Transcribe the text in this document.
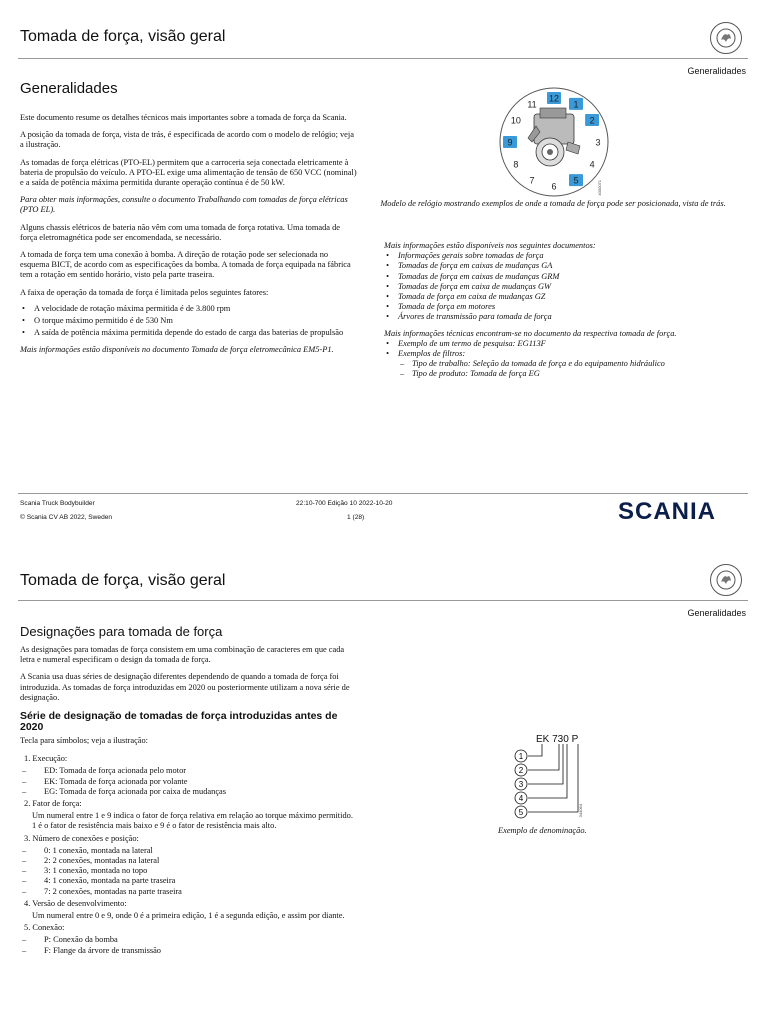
Tomada de força, visão geral
Generalidades
Generalidades

Este documento resume os detalhes técnicos mais importantes sobre a tomada de força da Scania.

A posição da tomada de força, vista de trás, é especificada de acordo com o modelo de relógio; veja a ilustração.

As tomadas de força elétricas (PTO-EL) permitem que a carroceria seja conectada eletricamente à bateria de propulsão do veículo. A PTO-EL exige uma alimentação de tensão de 650 VCC (nominal) e a saída de potência máxima permitida durante operação contínua é de 50 kW.

Para obter mais informações, consulte o documento Trabalhando com tomadas de força elétricas (PTO EL).

Alguns chassis elétricos de bateria não vêm com uma tomada de força rotativa. Uma tomada de força eletromagnética pode ser encomendada, se necessário.

A tomada de força tem uma conexão à bomba. A direção de rotação pode ser selecionada no esquema BICT, de acordo com as especificações da bomba. A tomada de força equipada na fábrica tem a rotação em sentido horário, visto pela parte traseira.

A faixa de operação da tomada de força é limitada pelos seguintes fatores:

• A velocidade de rotação máxima permitida é de 3.800 rpm
• O torque máximo permitido é de 530 Nm
• A saída de potência máxima permitida depende do estado de carga das baterias de propulsão

Mais informações estão disponíveis no documento Tomada de força eletromecânica EM5-P1.

12
1
2
3
4
5
6
7
8
9
10
11
4000071

Modelo de relógio mostrando exemplos de onde a tomada de força pode ser posicionada, vista de trás.

Mais informações estão disponíveis nos seguintes documentos:

• Informações gerais sobre tomadas de força
• Tomadas de força em caixas de mudanças GA
• Tomadas de força em caixas de mudanças GRM
• Tomadas de força em caixa de mudanças GW
• Tomada de força em caixa de mudanças GZ
• Tomada de força em motores
• Árvores de transmissão para tomada de força

Mais informações técnicas encontram-se no documento da respectiva tomada de força.

• Exemplo de um termo de pesquisa: EG113F
• Exemplos de filtros:
– Tipo de trabalho: Seleção da tomada de força e do equipamento hidráulico
– Tipo de produto: Tomada de força EG
Scania Truck Bodybuilder
© Scania CV AB 2022, Sweden
22:10-700 Edição 10 2022-10-20
1 (28)	SCANIA
Tomada de força, visão geral
Generalidades
Designações para tomada de força

As designações para tomadas de força consistem em uma combinação de caracteres em que cada letra e numeral especificam o design da tomada de força.

A Scania usa duas séries de designação diferentes dependendo de quando a tomada de força foi introduzida. As tomadas de força introduzidas em 2020 ou posteriormente utilizam a nova série de designação.

Série de designação de tomadas de força introduzidas antes de 2020

Tecla para símbolos; veja a ilustração:

1. Execução:

– ED: Tomada de força acionada pelo motor
– EK: Tomada de força acionada por volante
– EG: Tomada de força acionada por caixa de mudanças

2. Fator de força:

Um numeral entre 1 e 9 indica o fator de força relativa em relação ao torque máximo permitido. 1 é o fator de resistência mais baixo e 9 é o fator de resistência mais alto.

3. Número de conexões e posição:

– 0: 1 conexão, montada na lateral
– 2: 2 conexões, montadas na lateral
– 3: 1 conexão, montada no topo
– 4: 1 conexão, montada na parte traseira
– 7: 2 conexões, montadas na parte traseira

4. Versão de desenvolvimento:

Um numeral entre 0 e 9, onde 0 é a primeira edição, 1 é a segunda edição, e assim por diante.

5. Conexão:

– P: Conexão da bomba
– F: Flange da árvore de transmissão
EK 730 P
1
2
3
4
5	344064

Exemplo de denominação.
